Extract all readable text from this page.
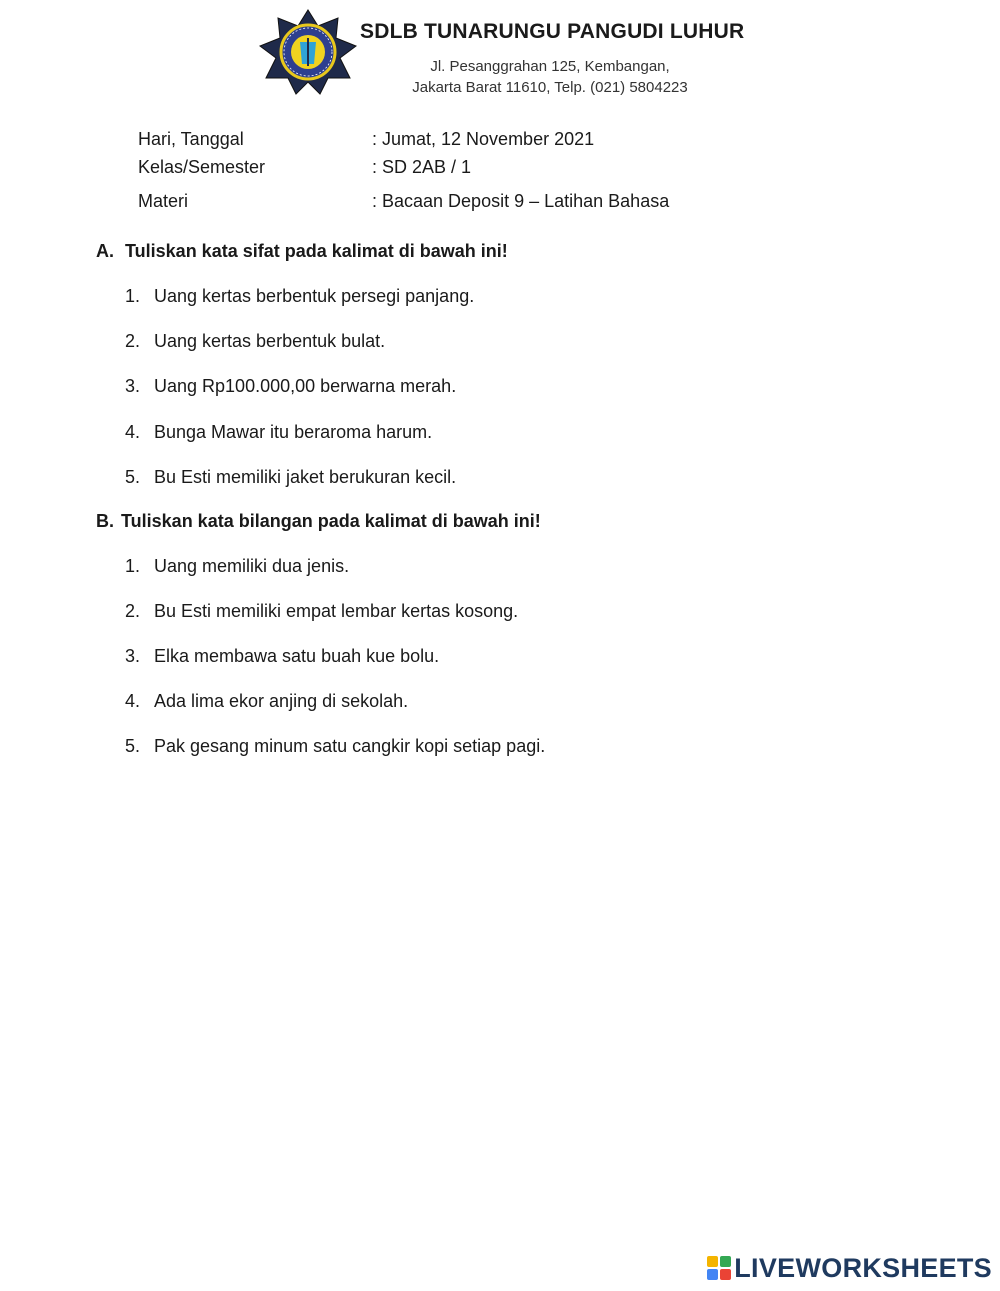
SDLB TUNARUNGU PANGUDI LUHUR
Jl. Pesanggrahan 125, Kembangan,
Jakarta Barat 11610, Telp. (021) 5804223
Hari, Tanggal	: Jumat, 12 November 2021
Kelas/Semester	: SD 2AB / 1
Materi	: Bacaan Deposit 9 – Latihan Bahasa
A. Tuliskan kata sifat pada kalimat di bawah ini!
1. Uang kertas berbentuk persegi panjang.
2. Uang kertas berbentuk bulat.
3. Uang Rp100.000,00 berwarna merah.
4. Bunga Mawar itu beraroma harum.
5. Bu Esti memiliki jaket berukuran kecil.
B. Tuliskan kata bilangan pada kalimat di bawah ini!
1. Uang memiliki dua jenis.
2. Bu Esti memiliki empat lembar kertas kosong.
3. Elka membawa satu buah kue bolu.
4. Ada lima ekor anjing di sekolah.
5. Pak gesang minum satu cangkir kopi setiap pagi.
LIVEWORKSHEETS
